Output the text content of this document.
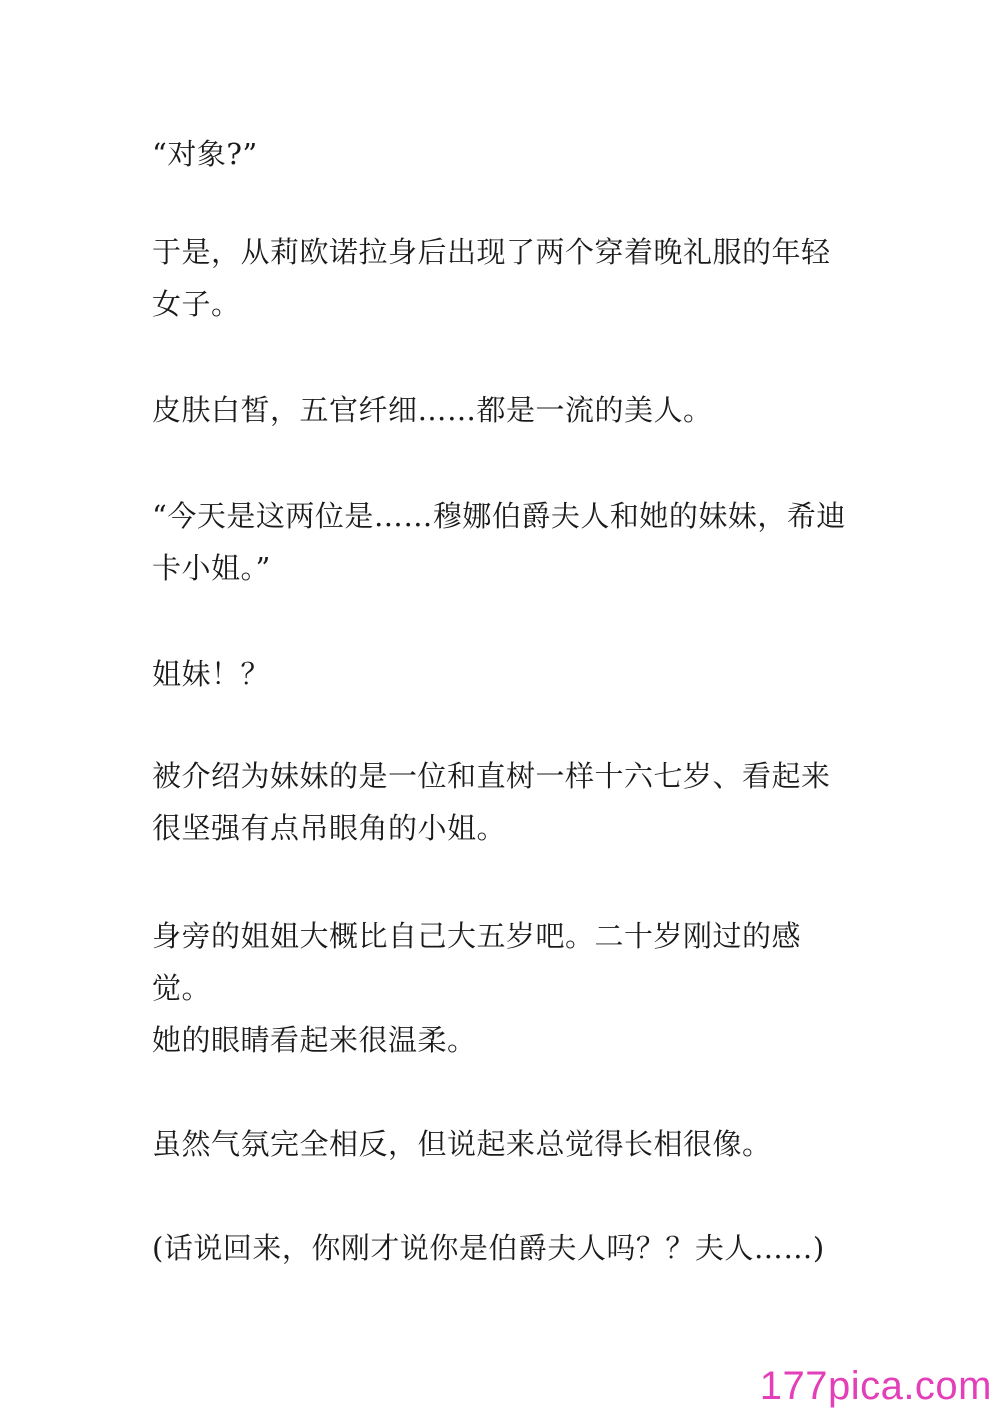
“对象?”

于是，从莉欧诺拉身后出现了两个穿着晚礼服的年轻女子。

皮肤白皙，五官纤细……都是一流的美人。

“今天是这两位是……穆娜伯爵夫人和她的妹妹，希迪卡小姐。”

姐妹！？

被介绍为妹妹的是一位和直树一样十六七岁、看起来很坚强有点吊眼角的小姐。

身旁的姐姐大概比自己大五岁吧。二十岁刚过的感觉。

她的眼睛看起来很温柔。

虽然气氛完全相反，但说起来总觉得长相很像。

(话说回来，你刚才说你是伯爵夫人吗？？夫人……)

177pica.com
